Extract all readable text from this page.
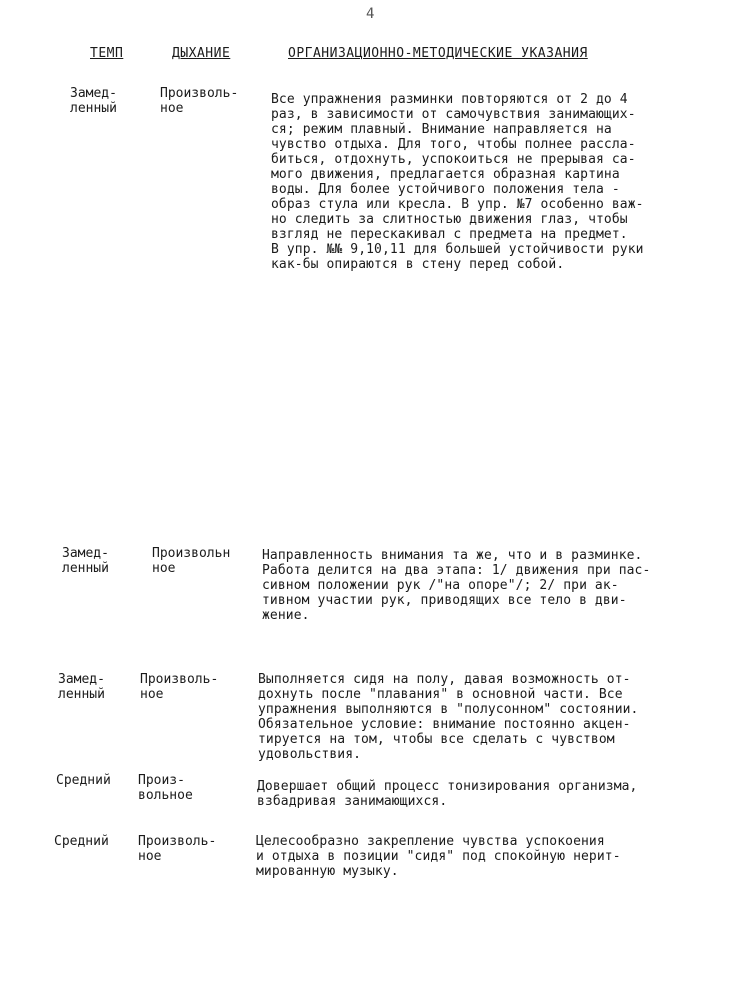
4
ТЕМП	ДЫХАНИЕ	ОРГАНИЗАЦИОННО-МЕТОДИЧЕСКИЕ УКАЗАНИЯ
Замед-
ленный
Произволь-
ное
Все упражнения разминки повторяются от 2 до 4
раз, в зависимости от самочувствия занимающих-
ся; режим плавный. Внимание направляется на
чувство отдыха. Для того, чтобы полнее рассла-
биться, отдохнуть, успокоиться не прерывая са-
мого движения, предлагается образная картина
воды. Для более устойчивого положения тела -
образ стула или кресла. В упр. №7 особенно важ-
но следить за слитностью движения глаз, чтобы
взгляд не перескакивал с предмета на предмет.
В упр. №№ 9,10,11 для большей устойчивости руки
как-бы опираются в стену перед собой.
Замед-
ленный
Произвольн
ное
Направленность внимания та же, что и в разминке.
Работа делится на два этапа: 1/ движения при пас-
сивном положении рук /"на опоре"/; 2/ при ак-
тивном участии рук, приводящих все тело в дви-
жение.
Замед-
ленный
Произволь-
ное
Выполняется сидя на полу, давая возможность от-
дохнуть после "плавания" в основной части. Все
упражнения выполняются в "полусонном" состоянии.
Обязательное условие: внимание постоянно акцен-
тируется на том, чтобы все сделать с чувством
удовольствия.
Средний Произ-
вольное
Довершает общий процесс тонизирования организма,
взбадривая занимающихся.
Средний Произволь-
ное
Целесообразно закрепление чувства успокоения
и отдыха в позиции "сидя" под спокойную нерит-
мированную музыку.
